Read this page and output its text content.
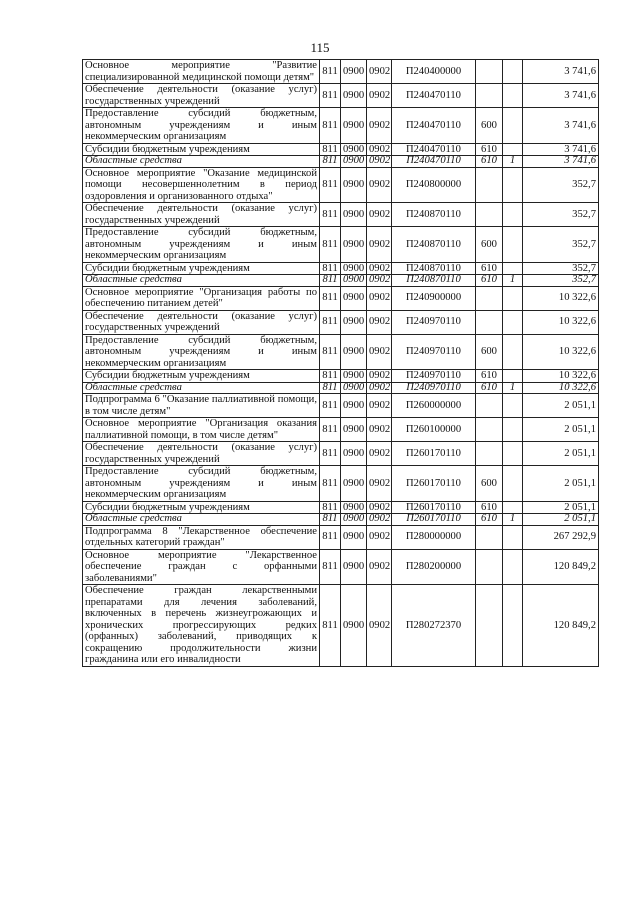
115
Основное мероприятие "Развитие специализированной медицинской помощи детям"	811	0900	0902	П240400000			3 741,6
Обеспечение деятельности (оказание услуг) государственных учреждений	811	0900	0902	П240470110			3 741,6
Предоставление субсидий бюджетным, автономным учреждениям и иным некоммерческим организациям	811	0900	0902	П240470110	600		3 741,6
Субсидии бюджетным учреждениям	811	0900	0902	П240470110	610		3 741,6
Областные средства	811	0900	0902	П240470110	610	1	3 741,6
Основное мероприятие "Оказание медицинской помощи несовершеннолетним в период оздоровления и организованного отдыха"	811	0900	0902	П240800000			352,7
Обеспечение деятельности (оказание услуг) государственных учреждений	811	0900	0902	П240870110			352,7
Предоставление субсидий бюджетным, автономным учреждениям и иным некоммерческим организациям	811	0900	0902	П240870110	600		352,7
Субсидии бюджетным учреждениям	811	0900	0902	П240870110	610		352,7
Областные средства	811	0900	0902	П240870110	610	1	352,7
Основное мероприятие "Организация работы по обеспечению питанием детей"	811	0900	0902	П240900000			10 322,6
Обеспечение деятельности (оказание услуг) государственных учреждений	811	0900	0902	П240970110			10 322,6
Предоставление субсидий бюджетным, автономным учреждениям и иным некоммерческим организациям	811	0900	0902	П240970110	600		10 322,6
Субсидии бюджетным учреждениям	811	0900	0902	П240970110	610		10 322,6
Областные средства	811	0900	0902	П240970110	610	1	10 322,6
Подпрограмма 6 "Оказание паллиативной помощи, в том числе детям"	811	0900	0902	П260000000			2 051,1
Основное мероприятие "Организация оказания паллиативной помощи, в том числе детям"	811	0900	0902	П260100000			2 051,1
Обеспечение деятельности (оказание услуг) государственных учреждений	811	0900	0902	П260170110			2 051,1
Предоставление субсидий бюджетным, автономным учреждениям и иным некоммерческим организациям	811	0900	0902	П260170110	600		2 051,1
Субсидии бюджетным учреждениям	811	0900	0902	П260170110	610		2 051,1
Областные средства	811	0900	0902	П260170110	610	1	2 051,1
Подпрограмма 8 "Лекарственное обеспечение отдельных категорий граждан"	811	0900	0902	П280000000			267 292,9
Основное мероприятие "Лекарственное обеспечение граждан с орфанными заболеваниями"	811	0900	0902	П280200000			120 849,2
Обеспечение граждан лекарственными препаратами для лечения заболеваний, включенных в перечень жизнеугрожающих и хронических прогрессирующих редких (орфанных) заболеваний, приводящих к сокращению продолжительности жизни гражданина или его инвалидности	811	0900	0902	П280272370			120 849,2
